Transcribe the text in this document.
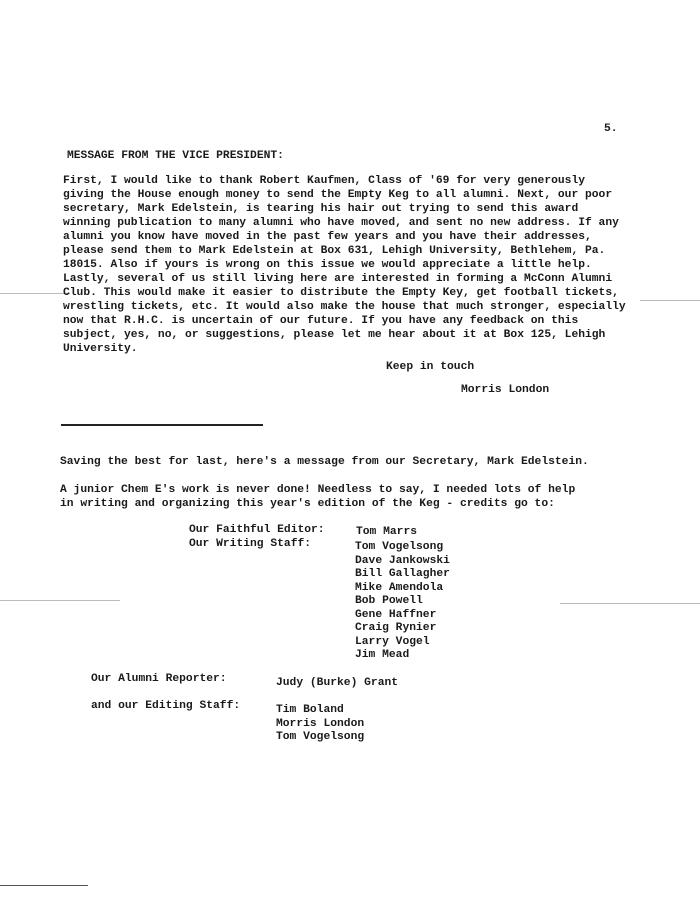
5.
MESSAGE FROM THE VICE PRESIDENT:

First, I would like to thank Robert Kaufmen, Class of '69 for very generously

giving the House enough money to send the Empty Keg to all alumni. Next, our poor

secretary, Mark Edelstein, is tearing his hair out trying to send this award

winning publication to many alumni who have moved, and sent no new address. If any

alumni you know have moved in the past few years and you have their addresses,

please send them to Mark Edelstein at Box 631, Lehigh University, Bethlehem, Pa.

18015. Also if yours is wrong on this issue we would appreciate a little help.

Lastly, several of us still living here are interested in forming a McConn Alumni

Club. This would make it easier to distribute the Empty Key, get football tickets,

wrestling tickets, etc. It would also make the house that much stronger, especially

now that R.H.C. is uncertain of our future. If you have any feedback on this

subject, yes, no, or suggestions, please let me hear about it at Box 125, Lehigh

University.

Keep in touch
Morris London
Saving the best for last, here's a message from our Secretary, Mark Edelstein.

A junior Chem E's work is never done! Needless to say, I needed lots of help

in writing and organizing this year's edition of the Keg - credits go to:

Our Faithful Editor:	Tom Marrs
Our Writing Staff:

	Tom Vogelsong

Dave Jankowski

Bill Gallagher

Mike Amendola

Bob Powell

Gene Haffner

Craig Rynier

Larry Vogel

Jim Mead

Our Alumni Reporter:	Judy (Burke) Grant
and our Editing Staff:

	Tim Boland

Morris London

Tom Vogelsong
